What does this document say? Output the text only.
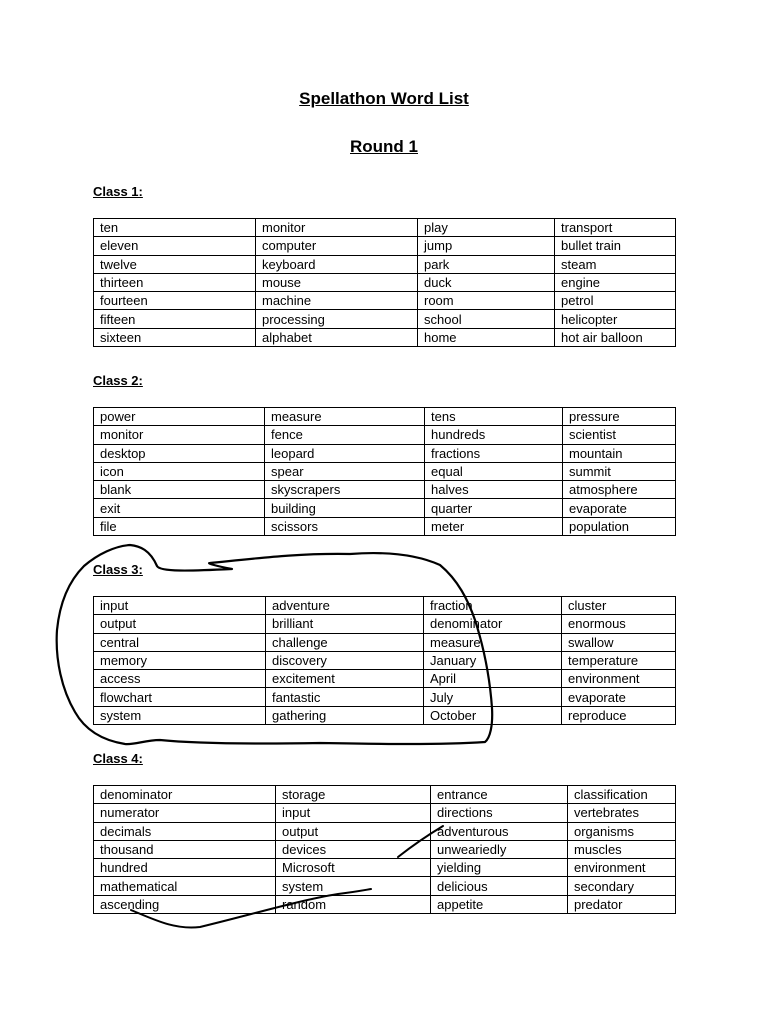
Spellathon Word List
Round 1
Class 1:
ten	monitor	play	transport
eleven	computer	jump	bullet train
twelve	keyboard	park	steam
thirteen	mouse	duck	engine
fourteen	machine	room	petrol
fifteen	processing	school	helicopter
sixteen	alphabet	home	hot air balloon
Class 2:
power	measure	tens	pressure
monitor	fence	hundreds	scientist
desktop	leopard	fractions	mountain
icon	spear	equal	summit
blank	skyscrapers	halves	atmosphere
exit	building	quarter	evaporate
file	scissors	meter	population
Class 3:
input	adventure	fraction	cluster
output	brilliant	denominator	enormous
central	challenge	measure	swallow
memory	discovery	January	temperature
access	excitement	April	environment
flowchart	fantastic	July	evaporate
system	gathering	October	reproduce
Class 4:
denominator	storage	entrance	classification
numerator	input	directions	vertebrates
decimals	output	adventurous	organisms
thousand	devices	unweariedly	muscles
hundred	Microsoft	yielding	environment
mathematical	system	delicious	secondary
ascending	random	appetite	predator
